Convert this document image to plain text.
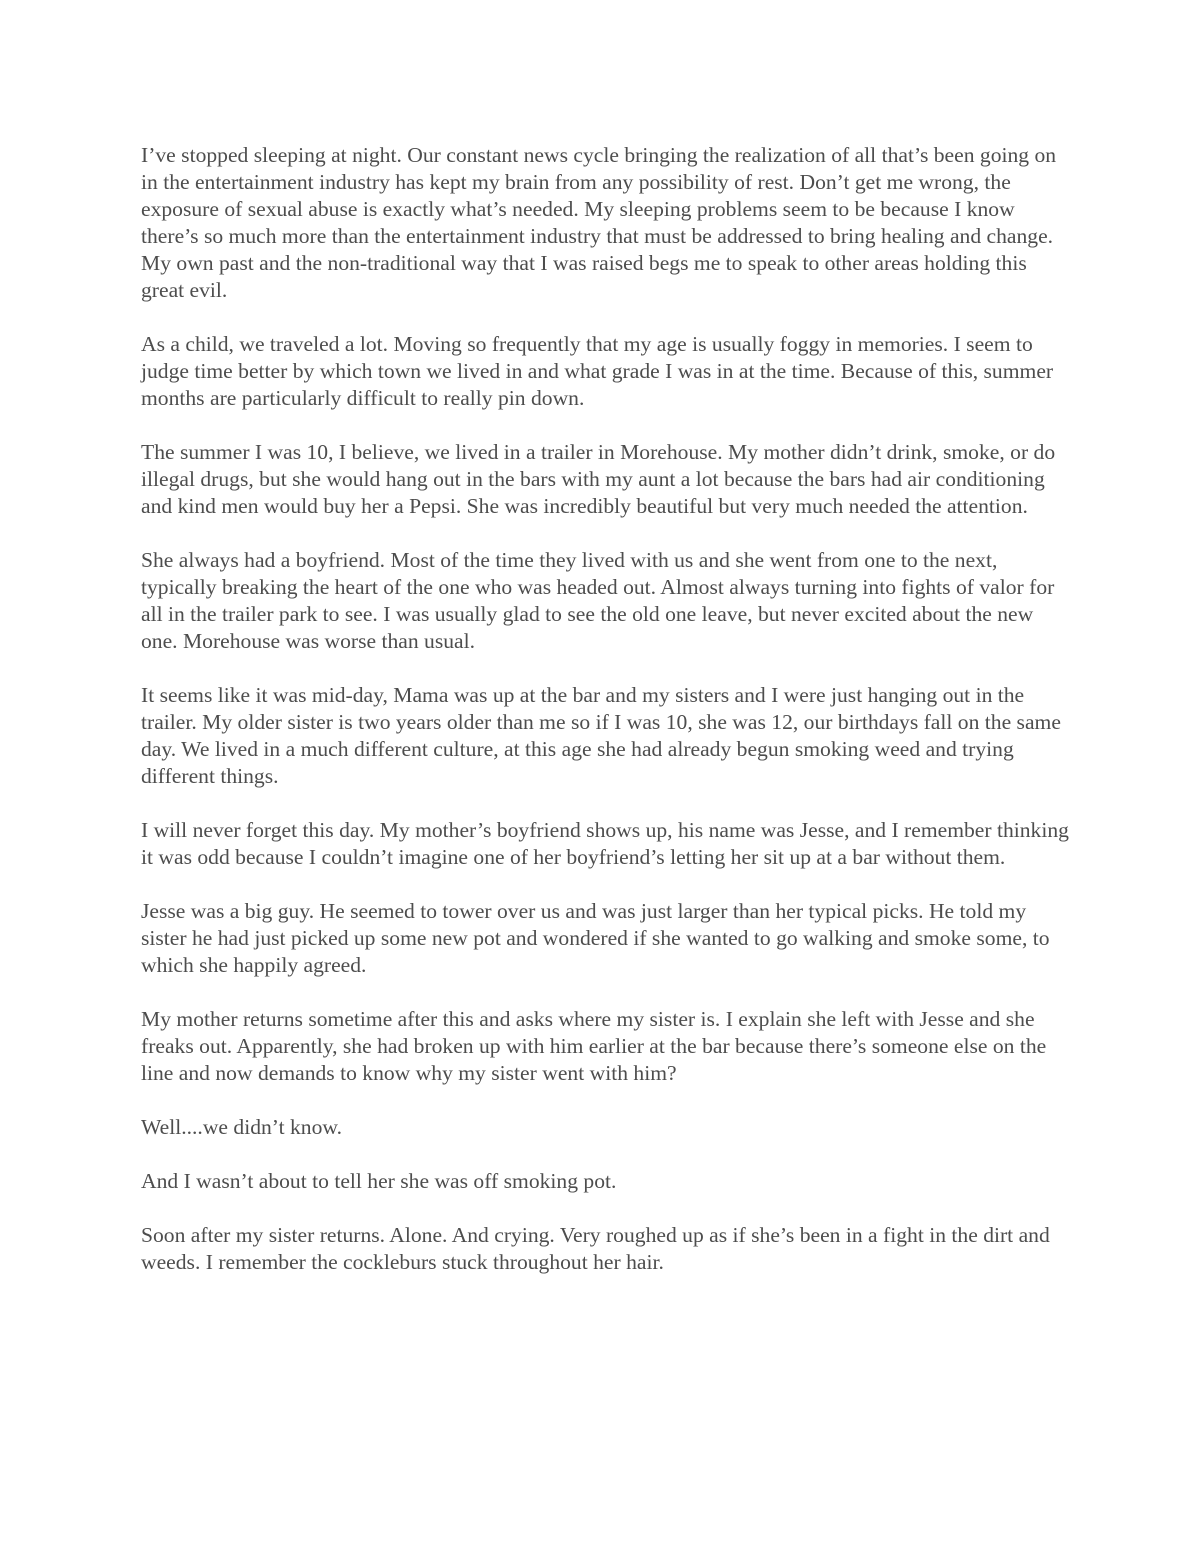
I’ve stopped sleeping at night. Our constant news cycle bringing the realization of all that’s been going on in the entertainment industry has kept my brain from any possibility of rest. Don’t get me wrong, the exposure of sexual abuse is exactly what’s needed. My sleeping problems seem to be because I know there’s so much more than the entertainment industry that must be addressed to bring healing and change. My own past and the non-traditional way that I was raised begs me to speak to other areas holding this great evil.

As a child, we traveled a lot. Moving so frequently that my age is usually foggy in memories. I seem to judge time better by which town we lived in and what grade I was in at the time. Because of this, summer months are particularly difficult to really pin down.

The summer I was 10, I believe, we lived in a trailer in Morehouse. My mother didn’t drink, smoke, or do illegal drugs, but she would hang out in the bars with my aunt a lot because the bars had air conditioning and kind men would buy her a Pepsi. She was incredibly beautiful but very much needed the attention.

She always had a boyfriend. Most of the time they lived with us and she went from one to the next, typically breaking the heart of the one who was headed out. Almost always turning into fights of valor for all in the trailer park to see. I was usually glad to see the old one leave, but never excited about the new one. Morehouse was worse than usual.

It seems like it was mid-day, Mama was up at the bar and my sisters and I were just hanging out in the trailer. My older sister is two years older than me so if I was 10, she was 12, our birthdays fall on the same day. We lived in a much different culture, at this age she had already begun smoking weed and trying different things.

I will never forget this day. My mother’s boyfriend shows up, his name was Jesse, and I remember thinking it was odd because I couldn’t imagine one of her boyfriend’s letting her sit up at a bar without them.

Jesse was a big guy. He seemed to tower over us and was just larger than her typical picks. He told my sister he had just picked up some new pot and wondered if she wanted to go walking and smoke some, to which she happily agreed.

My mother returns sometime after this and asks where my sister is. I explain she left with Jesse and she freaks out. Apparently, she had broken up with him earlier at the bar because there’s someone else on the line and now demands to know why my sister went with him?

Well....we didn’t know.

And I wasn’t about to tell her she was off smoking pot.

Soon after my sister returns. Alone. And crying. Very roughed up as if she’s been in a fight in the dirt and weeds. I remember the cockleburs stuck throughout her hair.
